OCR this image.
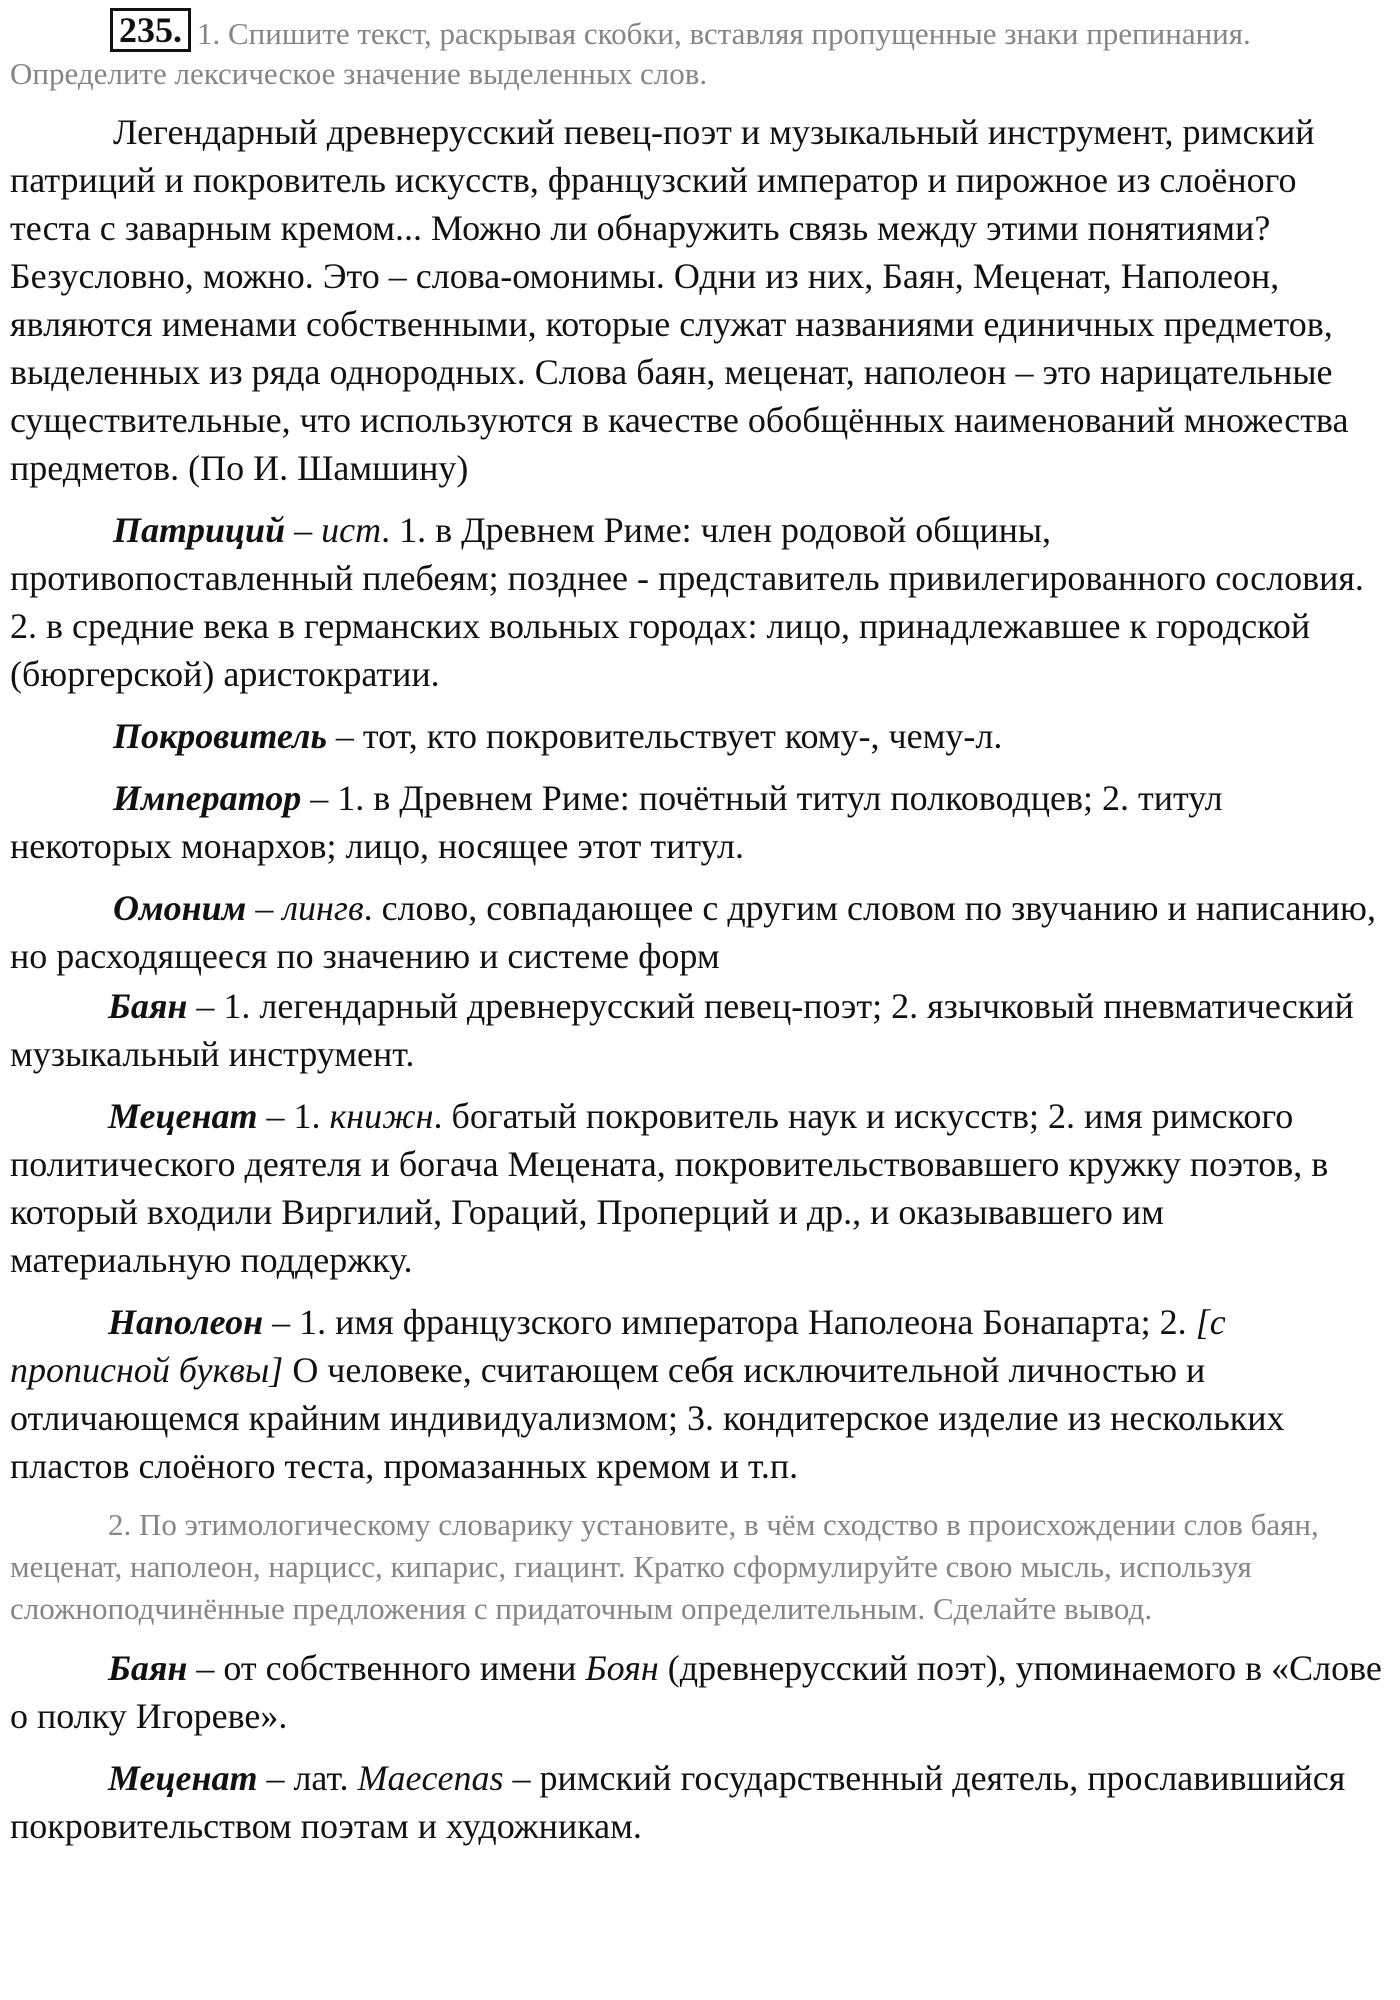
235. 1. Спишите текст, раскрывая скобки, вставляя пропущенные знаки препинания. Определите лексическое значение выделенных слов.

Легендарный древнерусский певец-поэт и музыкальный инструмент, римский патриций и покровитель искусств, французский император и пирожное из слоёного теста с заварным кремом... Можно ли обнаружить связь между этими понятиями? Безусловно, можно. Это – слова-омонимы. Одни из них, Баян, Меценат, Наполеон, являются именами собственными, которые служат названиями единичных предметов, выделенных из ряда однородных. Слова баян, меценат, наполеон – это нарицательные существительные, что используются в качестве обобщённых наименований множества предметов. (По И. Шамшину)

Патриций – ист. 1. в Древнем Риме: член родовой общины, противопоставленный плебеям; позднее - представитель привилегированного сословия. 2. в средние века в германских вольных городах: лицо, принадлежавшее к городской (бюргерской) аристократии.

Покровитель – тот, кто покровительствует кому-, чему-л.

Император – 1. в Древнем Риме: почётный титул полководцев; 2. титул некоторых монархов; лицо, носящее этот титул.

Омоним – лингв. слово, совпадающее с другим словом по звучанию и написанию, но расходящееся по значению и системе форм

Баян – 1. легендарный древнерусский певец-поэт; 2. язычковый пневматический музыкальный инструмент.

Меценат – 1. книжн. богатый покровитель наук и искусств; 2. имя римского политического деятеля и богача Мецената, покровительствовавшего кружку поэтов, в который входили Виргилий, Гораций, Проперций и др., и оказывавшего им материальную поддержку.

Наполеон – 1. имя французского императора Наполеона Бонапарта; 2. [с прописной буквы] О человеке, считающем себя исключительной личностью и отличающемся крайним индивидуализмом; 3. кондитерское изделие из нескольких пластов слоёного теста, промазанных кремом и т.п.

2. По этимологическому словарику установите, в чём сходство в происхождении слов баян, меценат, наполеон, нарцисс, кипарис, гиацинт. Кратко сформулируйте свою мысль, используя сложноподчинённые предложения с придаточным определительным. Сделайте вывод.

Баян – от собственного имени Боян (древнерусский поэт), упоминаемого в «Слове о полку Игореве».

Меценат – лат. Maecenas – римский государственный деятель, прославившийся покровительством поэтам и художникам.
